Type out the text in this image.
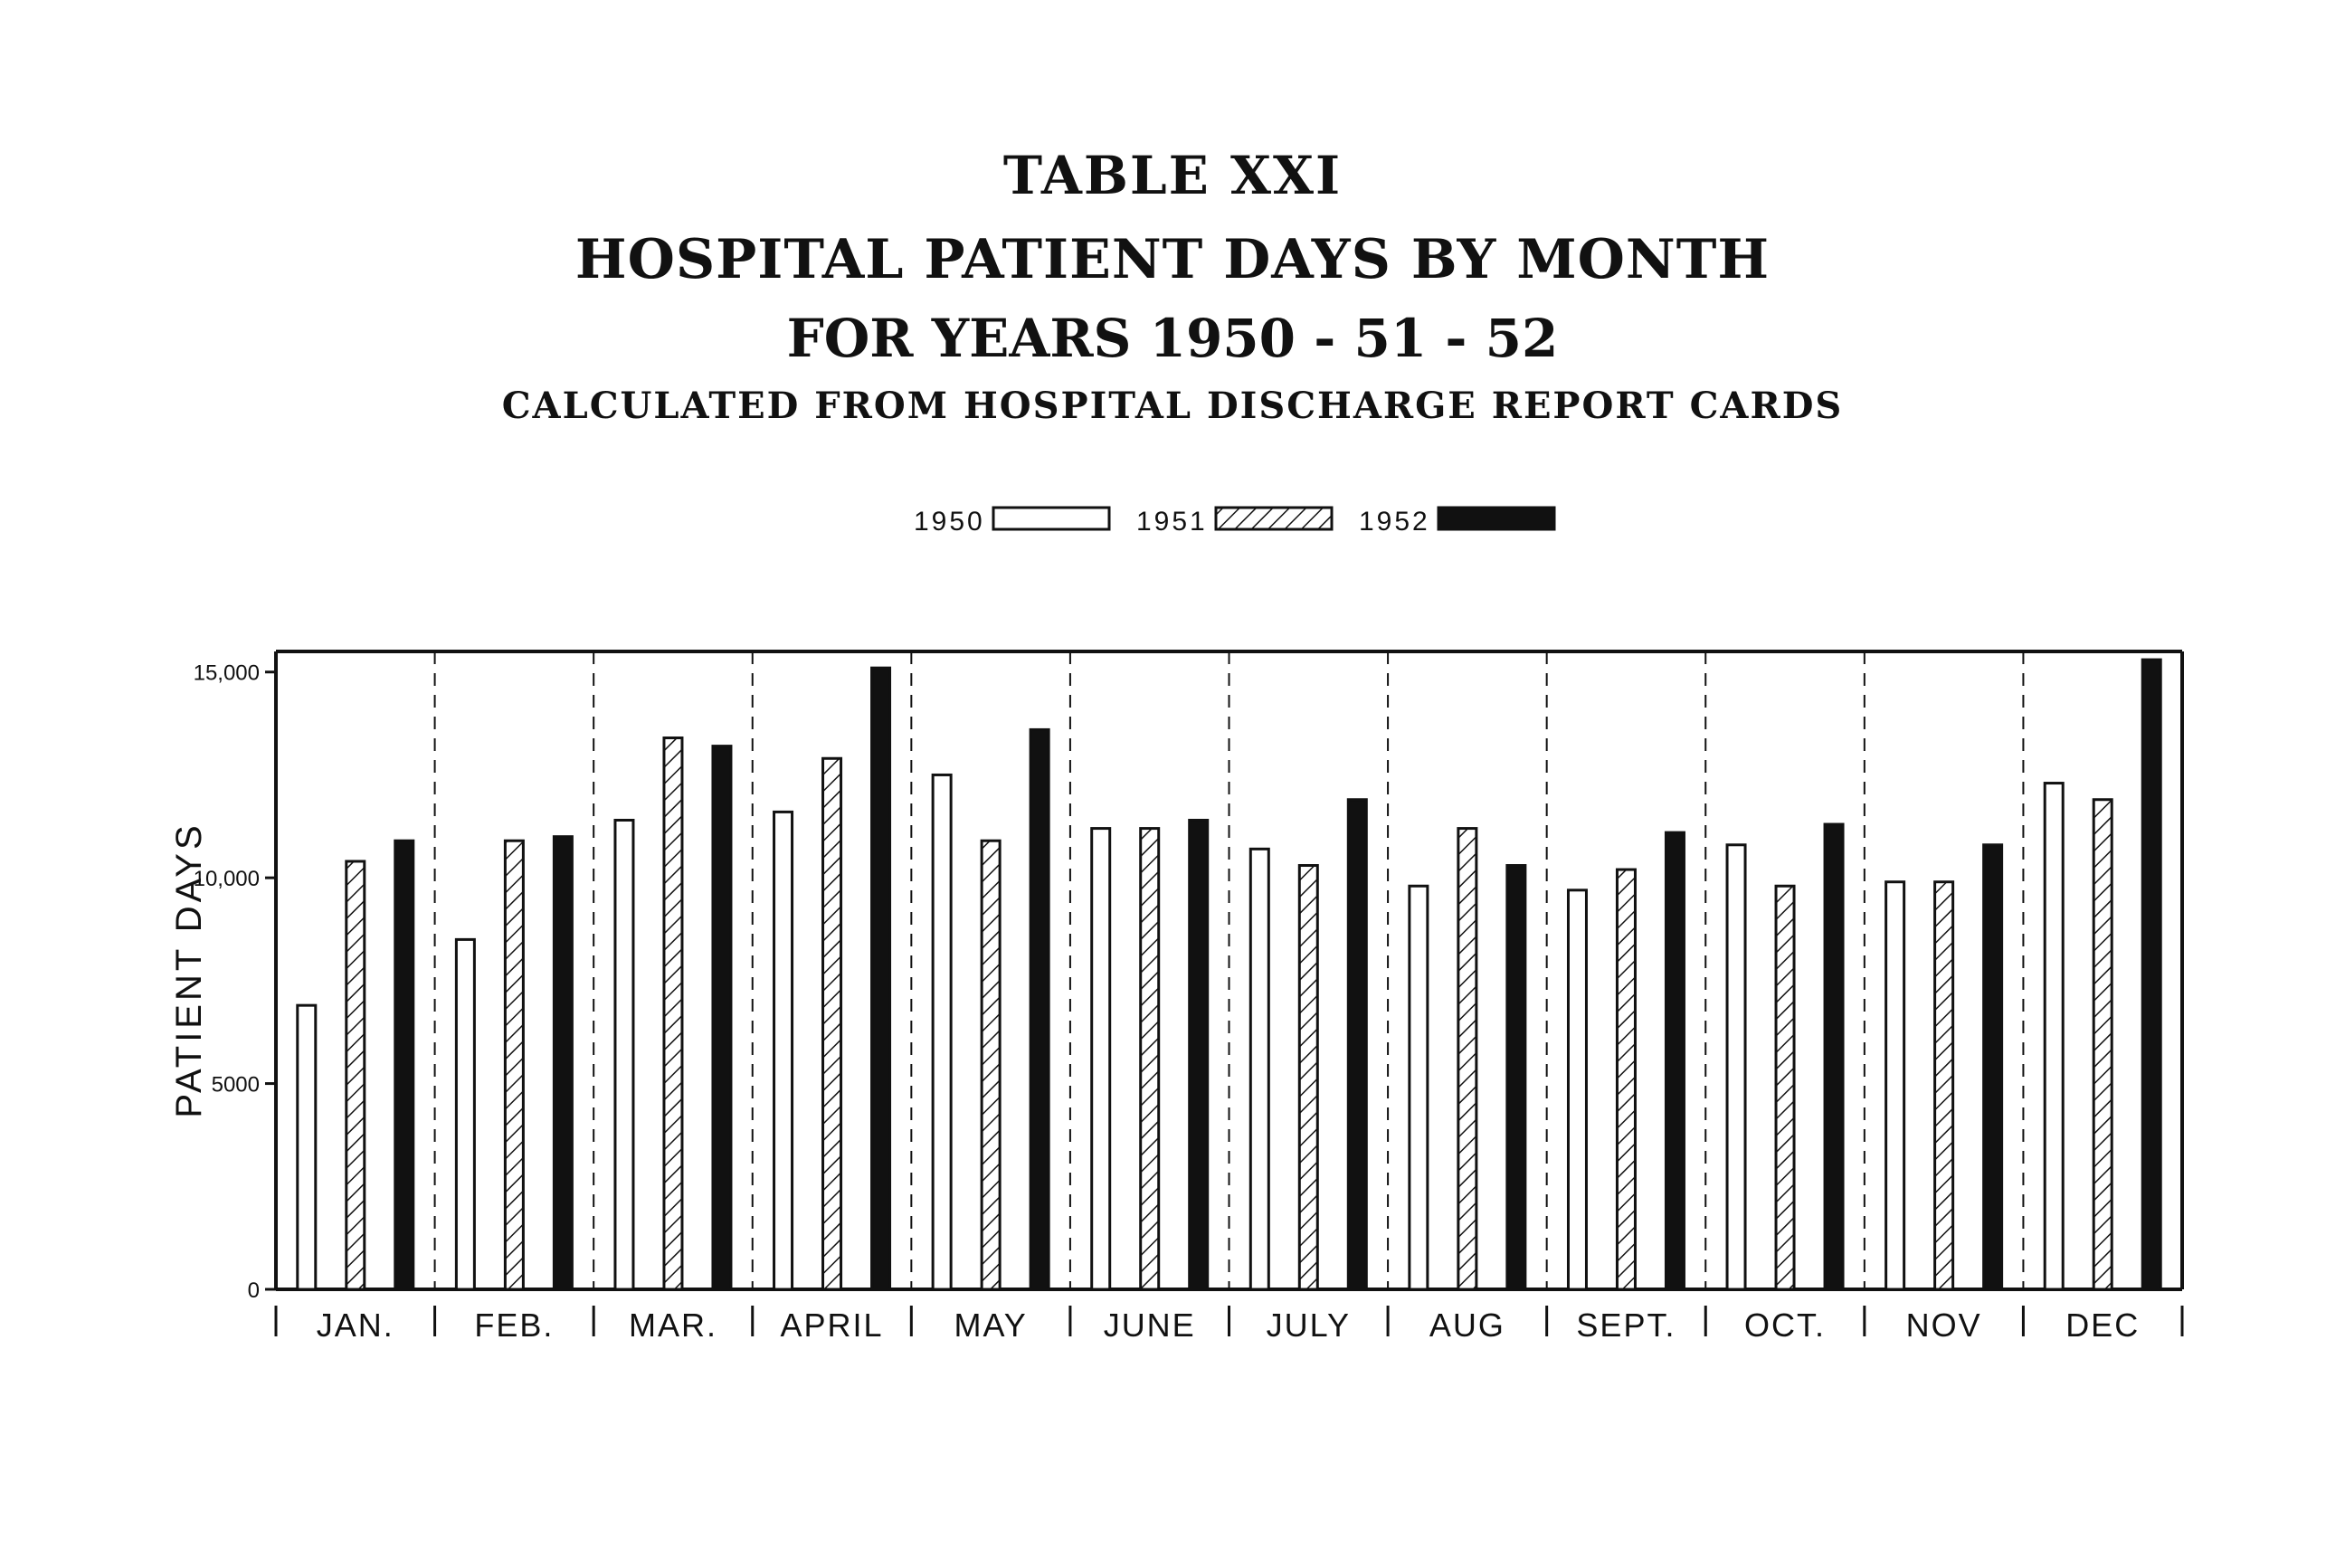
TABLE XXI
HOSPITAL PATIENT DAYS BY MONTH
FOR YEARS 1950 - 51 - 52
CALCULATED FROM HOSPITAL DISCHARGE REPORT CARDS
1950	1951	1952
0
5000
10,000
15,000
PATIENT DAYS
JAN. FEB. MAR. APRIL MAY JUNE JULY AUG SEPT. OCT. NOV	DEC
